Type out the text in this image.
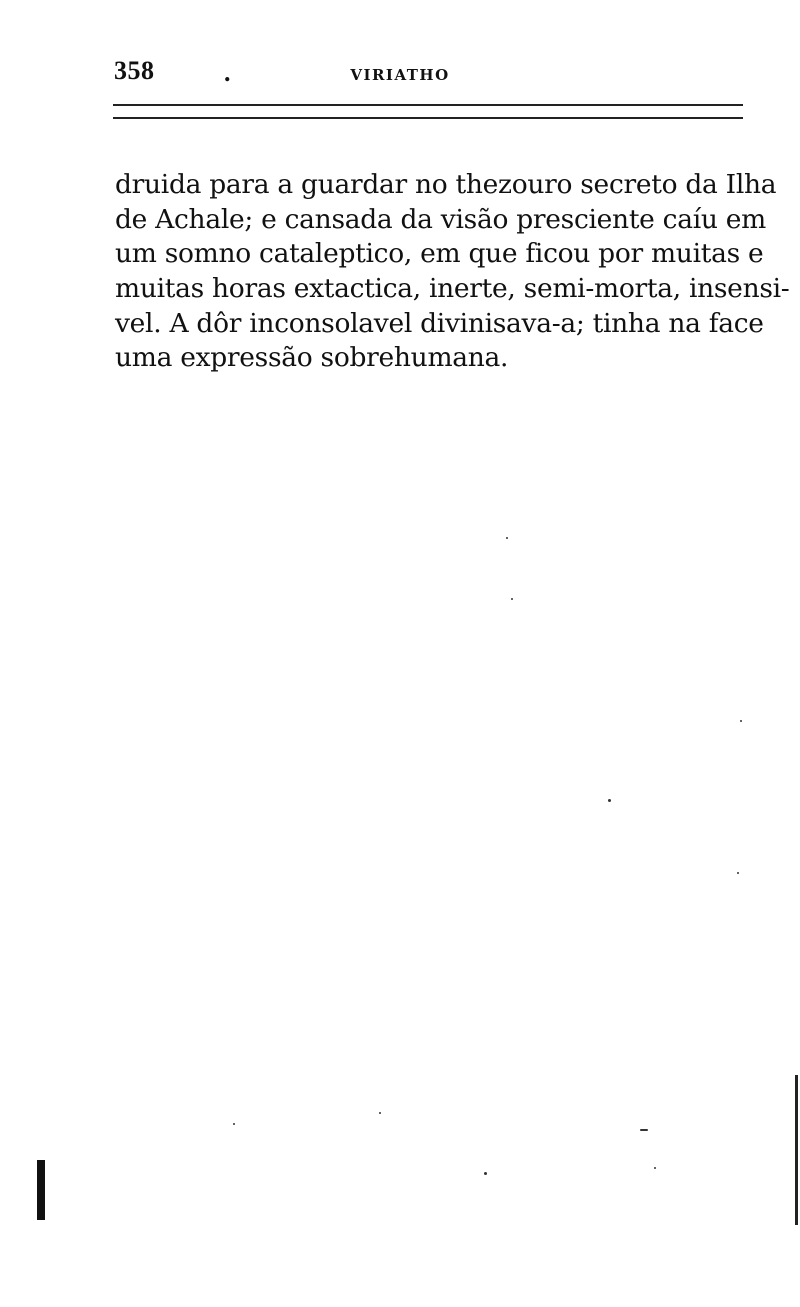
358	.	VIRIATHO

druida para a guardar no thezouro secreto da Ilha
de Achale; e cansada da visão presciente caíu em
um somno cataleptico, em que ficou por muitas e
muitas horas extactica, inerte, semi-morta, insensi-
vel. A dôr inconsolavel divinisava-a; tinha na face
uma expressão sobrehumana.
